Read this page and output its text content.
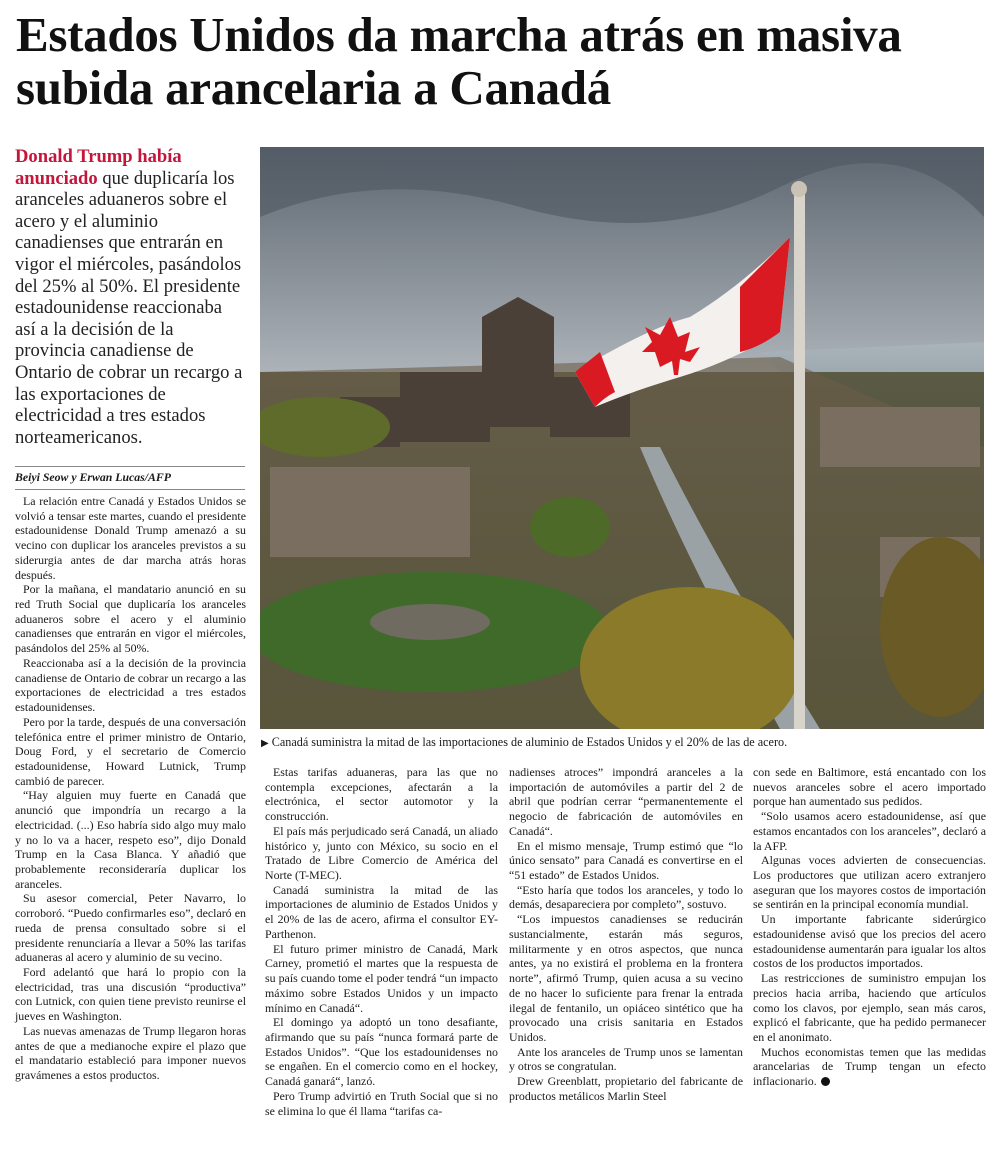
Estados Unidos da marcha atrás en masiva subida arancelaria a Canadá
Donald Trump había anunciado que duplicaría los aranceles aduaneros sobre el acero y el aluminio canadienses que entrarán en vigor el miércoles, pasándolos del 25% al 50%. El presidente estadounidense reaccionaba así a la decisión de la provincia canadiense de Ontario de cobrar un recargo a las exportaciones de electricidad a tres estados norteamericanos.
Beiyi Seow y Erwan Lucas/AFP

La relación entre Canadá y Estados Unidos se volvió a tensar este martes, cuando el presidente estadounidense Donald Trump amenazó a su vecino con duplicar los aranceles previstos a su siderurgia antes de dar marcha atrás horas después.

Por la mañana, el mandatario anunció en su red Truth Social que duplicaría los aranceles aduaneros sobre el acero y el aluminio canadienses que entrarán en vigor el miércoles, pasándolos del 25% al 50%.

Reaccionaba así a la decisión de la provincia canadiense de Ontario de cobrar un recargo a las exportaciones de electricidad a tres estados estadounidenses.

Pero por la tarde, después de una conversación telefónica entre el primer ministro de Ontario, Doug Ford, y el secretario de Comercio estadounidense, Howard Lutnick, Trump cambió de parecer.

“Hay alguien muy fuerte en Canadá que anunció que impondría un recargo a la electricidad. (...) Eso habría sido algo muy malo y no lo va a hacer, respeto eso”, dijo Donald Trump en la Casa Blanca. Y añadió que probablemente reconsideraría duplicar los aranceles.

Su asesor comercial, Peter Navarro, lo corroboró. “Puedo confirmarles eso”, declaró en rueda de prensa consultado sobre si el presidente renunciaría a llevar a 50% las tarifas aduaneras al acero y aluminio de su vecino.

Ford adelantó que hará lo propio con la electricidad, tras una discusión “productiva” con Lutnick, con quien tiene previsto reunirse el jueves en Washington.

Las nuevas amenazas de Trump llegaron horas antes de que a medianoche expire el plazo que el mandatario estableció para imponer nuevos gravámenes a estos productos.

▶ Canadá suministra la mitad de las importaciones de aluminio de Estados Unidos y el 20% de las de acero.

Estas tarifas aduaneras, para las que no contempla excepciones, afectarán a la electrónica, el sector automotor y la construcción.

El país más perjudicado será Canadá, un aliado histórico y, junto con México, su socio en el Tratado de Libre Comercio de América del Norte (T-MEC).

Canadá suministra la mitad de las importaciones de aluminio de Estados Unidos y el 20% de las de acero, afirma el consultor EY-Parthenon.

El futuro primer ministro de Canadá, Mark Carney, prometió el martes que la respuesta de su país cuando tome el poder tendrá “un impacto máximo sobre Estados Unidos y un impacto mínimo en Canadá“.

El domingo ya adoptó un tono desafiante, afirmando que su país “nunca formará parte de Estados Unidos”. “Que los estadounidenses no se engañen. En el comercio como en el hockey, Canadá ganará“, lanzó.

Pero Trump advirtió en Truth Social que si no se elimina lo que él llama “tarifas ca-

nadienses atroces” impondrá aranceles a la importación de automóviles a partir del 2 de abril que podrían cerrar “permanentemente el negocio de fabricación de automóviles en Canadá“.

En el mismo mensaje, Trump estimó que “lo único sensato” para Canadá es convertirse en el “51 estado” de Estados Unidos.

“Esto haría que todos los aranceles, y todo lo demás, desapareciera por completo”, sostuvo.

“Los impuestos canadienses se reducirán sustancialmente, estarán más seguros, militarmente y en otros aspectos, que nunca antes, ya no existirá el problema en la frontera norte”, afirmó Trump, quien acusa a su vecino de no hacer lo suficiente para frenar la entrada ilegal de fentanilo, un opiáceo sintético que ha provocado una crisis sanitaria en Estados Unidos.

Ante los aranceles de Trump unos se lamentan y otros se congratulan.

Drew Greenblatt, propietario del fabricante de productos metálicos Marlin Steel

con sede en Baltimore, está encantado con los nuevos aranceles sobre el acero importado porque han aumentado sus pedidos.

“Solo usamos acero estadounidense, así que estamos encantados con los aranceles”, declaró a la AFP.

Algunas voces advierten de consecuencias. Los productores que utilizan acero extranjero aseguran que los mayores costos de importación se sentirán en la principal economía mundial.

Un importante fabricante siderúrgico estadounidense avisó que los precios del acero estadounidense aumentarán para igualar los altos costos de los productos importados.

Las restricciones de suministro empujan los precios hacia arriba, haciendo que artículos como los clavos, por ejemplo, sean más caros, explicó el fabricante, que ha pedido permanecer en el anonimato.

Muchos economistas temen que las medidas arancelarias de Trump tengan un efecto inflacionario.
